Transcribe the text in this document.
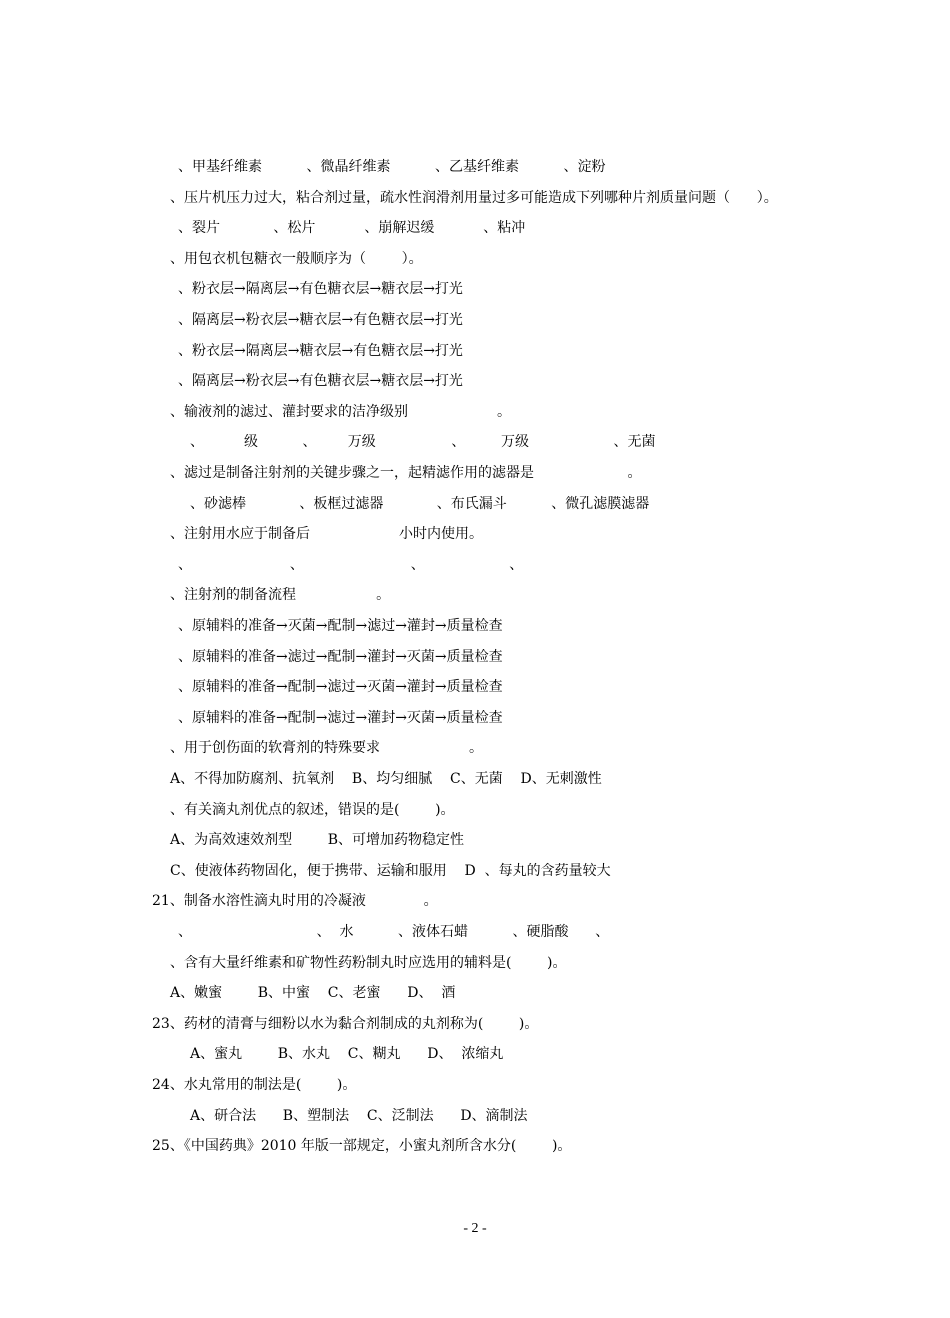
、甲基纤维素          、微晶纤维素          、乙基纤维素          、淀粉
、压片机压力过大，粘合剂过量，疏水性润滑剂用量过多可能造成下列哪种片剂质量问题（      ）。
、裂片            、松片           、崩解迟缓           、粘冲
、用包衣机包糖衣一般顺序为（        ）。
、粉衣层→隔离层→有色糖衣层→糖衣层→打光
、隔离层→粉衣层→糖衣层→有色糖衣层→打光
、粉衣层→隔离层→糖衣层→有色糖衣层→打光
、隔离层→粉衣层→有色糖衣层→糖衣层→打光
、输液剂的滤过、灌封要求的洁净级别                    。
、         级          、       万级                 、        万级                   、无菌
、滤过是制备注射剂的关键步骤之一，起精滤作用的滤器是                     。
、砂滤棒            、板框过滤器            、布氏漏斗          、微孔滤膜滤器
、注射用水应于制备后                    小时内使用。
、                      、                        、                   、
、注射剂的制备流程                  。
、原辅料的准备→灭菌→配制→滤过→灌封→质量检查
、原辅料的准备→滤过→配制→灌封→灭菌→质量检查
、原辅料的准备→配制→滤过→灭菌→灌封→质量检查
、原辅料的准备→配制→滤过→灌封→灭菌→质量检查
、用于创伤面的软膏剂的特殊要求                    。
A、不得加防腐剂、抗氧剂    B、均匀细腻    C、无菌    D、无刺激性
、有关滴丸剂优点的叙述，错误的是(        )。
A、为高效速效剂型        B、可增加药物稳定性
C、使液体药物固化，便于携带、运输和服用    D  、每丸的含药量较大
21、制备水溶性滴丸时用的冷凝液             。
、                            、  水          、液体石蜡          、硬脂酸      、
、含有大量纤维素和矿物性药粉制丸时应选用的辅料是(        )。
A、嫩蜜        B、中蜜    C、老蜜      D、  酒
23、药材的清膏与细粉以水为黏合剂制成的丸剂称为(        )。
A、蜜丸        B、水丸    C、糊丸      D、  浓缩丸
24、水丸常用的制法是(        )。
A、研合法      B、塑制法    C、泛制法      D、滴制法
25、《中国药典》2010 年版一部规定，小蜜丸剂所含水分(        )。
- 2 -
